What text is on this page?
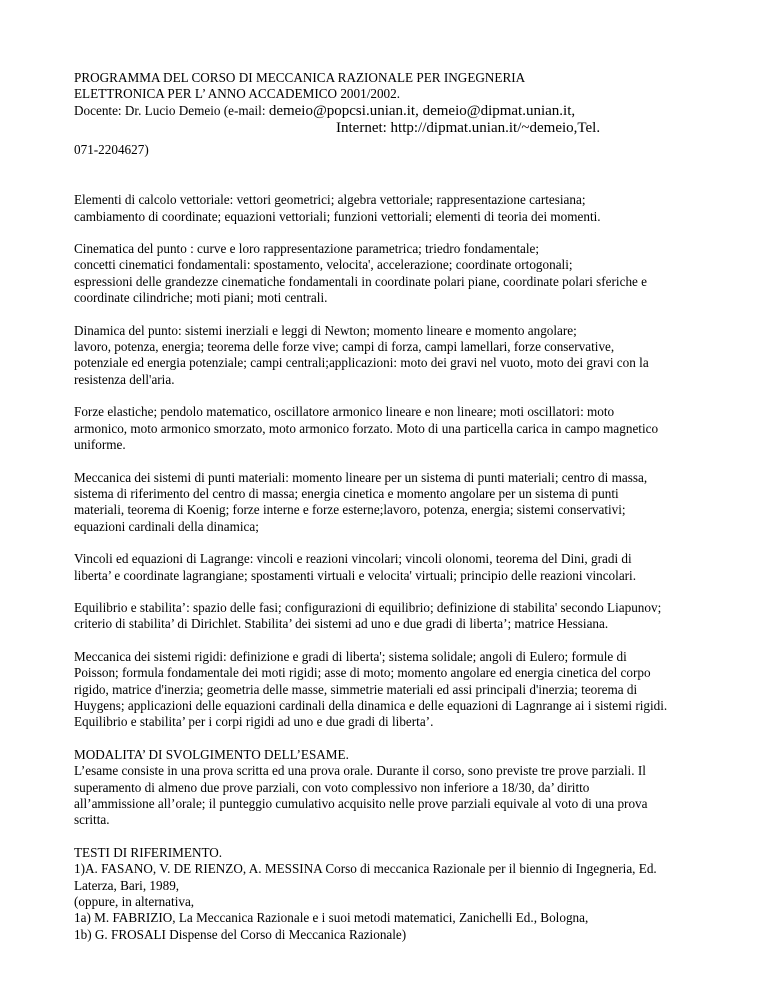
PROGRAMMA DEL CORSO DI MECCANICA RAZIONALE PER INGEGNERIA
ELETTRONICA PER L’ ANNO ACCADEMICO 2001/2002.
Docente: Dr. Lucio Demeio (e-mail: demeio@popcsi.unian.it, demeio@dipmat.unian.it,
Internet: http://dipmat.unian.it/~demeio,Tel.
071-2204627)

Elementi di calcolo vettoriale: vettori geometrici; algebra vettoriale; rappresentazione cartesiana;
cambiamento di coordinate; equazioni vettoriali; funzioni vettoriali; elementi di teoria dei momenti.

Cinematica del punto : curve e loro rappresentazione parametrica; triedro fondamentale;
concetti cinematici fondamentali: spostamento, velocita', accelerazione; coordinate ortogonali;
espressioni delle grandezze cinematiche fondamentali in coordinate polari piane, coordinate polari sferiche e
coordinate cilindriche; moti piani; moti centrali.

Dinamica del punto: sistemi inerziali e leggi di Newton; momento lineare e momento angolare;
lavoro, potenza, energia; teorema delle forze vive; campi di forza, campi lamellari, forze conservative,
potenziale ed energia potenziale; campi centrali;applicazioni: moto dei gravi nel vuoto, moto dei gravi con la
resistenza dell'aria.

Forze elastiche; pendolo matematico, oscillatore armonico lineare e non lineare; moti oscillatori: moto
armonico, moto armonico smorzato, moto armonico forzato. Moto di una particella carica in campo magnetico
uniforme.

Meccanica dei sistemi di punti materiali: momento lineare per un sistema di punti materiali; centro di massa,
sistema di riferimento del centro di massa; energia cinetica e momento angolare per un sistema di punti
materiali, teorema di Koenig; forze interne e forze esterne;lavoro, potenza, energia; sistemi conservativi;
equazioni cardinali della dinamica;

Vincoli ed equazioni di Lagrange: vincoli e reazioni vincolari; vincoli olonomi, teorema del Dini, gradi di
liberta’ e coordinate lagrangiane; spostamenti virtuali e velocita' virtuali; principio delle reazioni vincolari.

Equilibrio e stabilita’: spazio delle fasi; configurazioni di equilibrio; definizione di stabilita' secondo Liapunov;
criterio di stabilita’ di Dirichlet. Stabilita’ dei sistemi ad uno e due gradi di liberta’; matrice Hessiana.

Meccanica dei sistemi rigidi: definizione e gradi di liberta'; sistema solidale; angoli di Eulero; formule di
Poisson; formula fondamentale dei moti rigidi; asse di moto; momento angolare ed energia cinetica del corpo
rigido, matrice d'inerzia; geometria delle masse, simmetrie materiali ed assi principali d'inerzia; teorema di
Huygens; applicazioni delle equazioni cardinali della dinamica e delle equazioni di Lagnrange ai i sistemi rigidi.
Equilibrio e stabilita’ per i corpi rigidi ad uno e due gradi di liberta’.

MODALITA’ DI SVOLGIMENTO DELL’ESAME.
L’esame consiste in una prova scritta ed una prova orale. Durante il corso, sono previste tre prove parziali. Il
superamento di almeno due prove parziali, con voto complessivo non inferiore a 18/30, da’ diritto
all’ammissione all’orale; il punteggio cumulativo acquisito nelle prove parziali equivale al voto di una prova
scritta.

TESTI DI RIFERIMENTO.
1)A. FASANO, V. DE RIENZO, A. MESSINA Corso di meccanica Razionale per il biennio di Ingegneria, Ed.
Laterza, Bari, 1989,
(oppure, in alternativa,
1a) M. FABRIZIO, La Meccanica Razionale e i suoi metodi matematici, Zanichelli Ed., Bologna,
1b) G. FROSALI Dispense del Corso di Meccanica Razionale)
